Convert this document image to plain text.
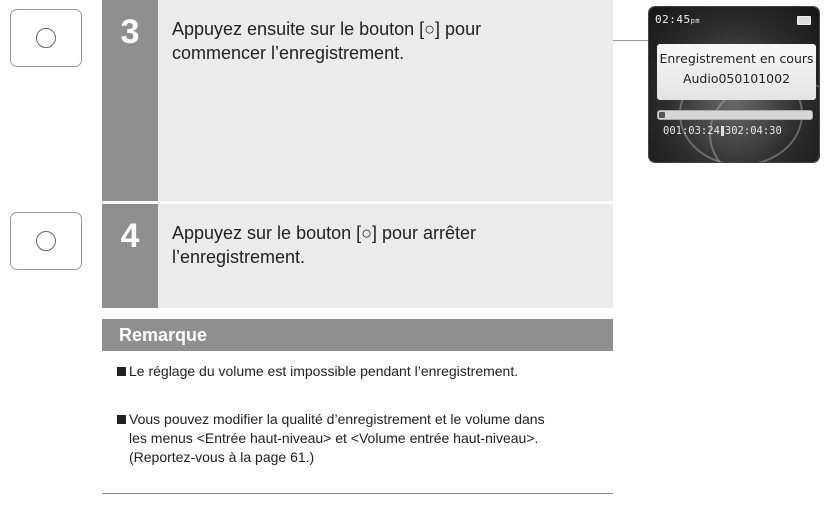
3	Appuyez ensuite sur le bouton [○] pour commencer l’enregistrement.
02:45pm
Enregistrement en cours
Audio050101002
001:03:24 302:04:30
4	Appuyez sur le bouton [○] pour arrêter l’enregistrement.
Remarque
Le réglage du volume est impossible pendant l’enregistrement.
Vous pouvez modifier la qualité d’enregistrement et le volume dans les menus <Entrée haut-niveau> et <Volume entrée haut-niveau>. (Reportez-vous à la page 61.)
